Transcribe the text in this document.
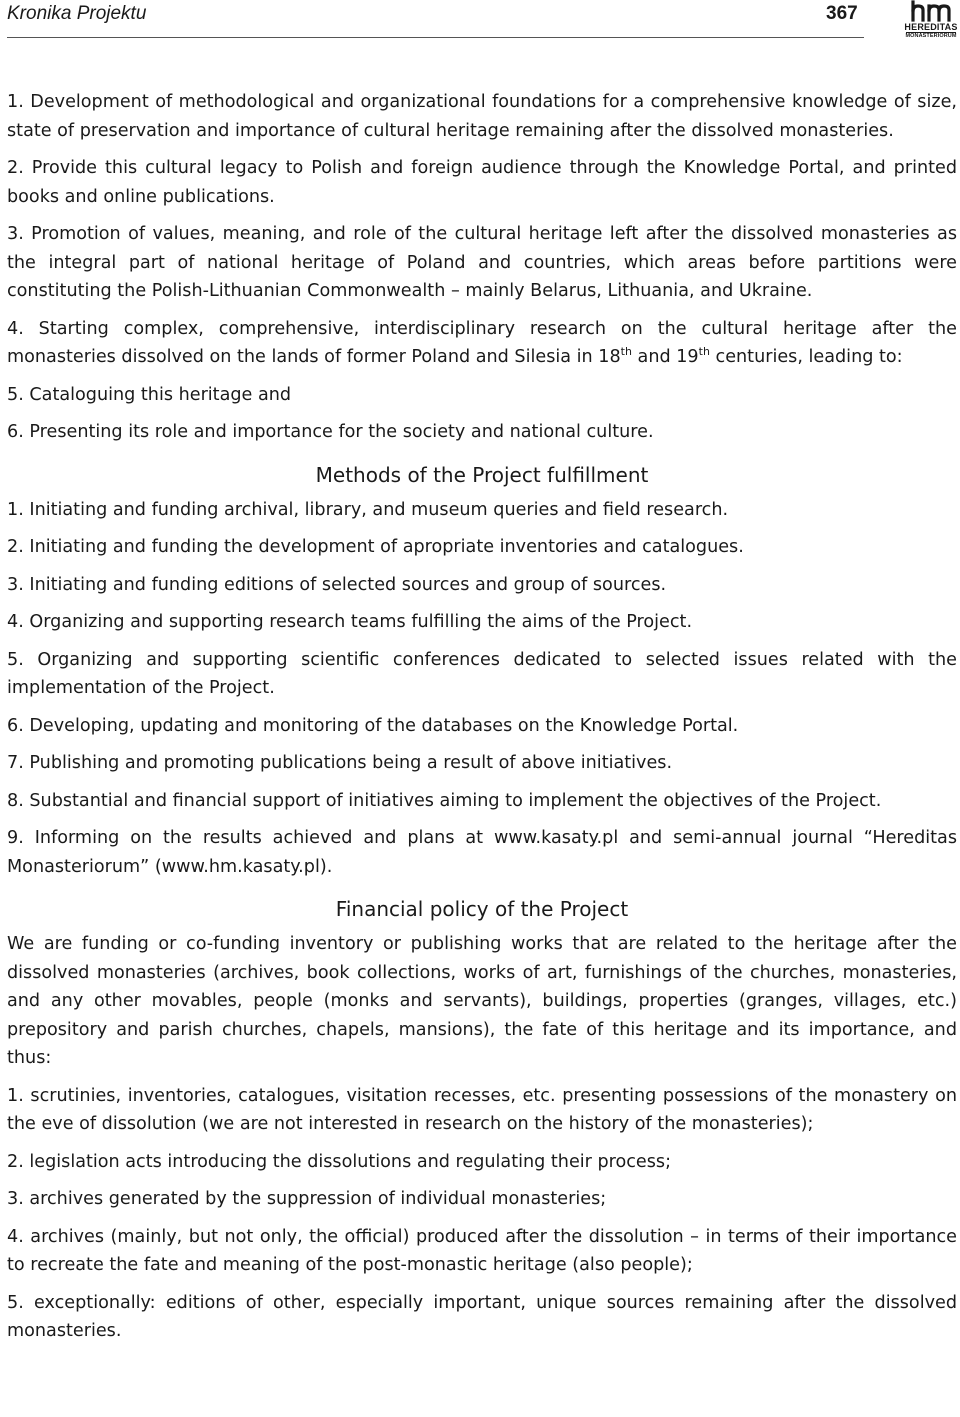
Kronika Projektu	367
HEREDITAS
MONASTERIORUM

1. Development of methodological and organizational foundations for a comprehensive knowledge of size, state of preservation and importance of cultural heritage remaining after the dissolved monasteries.

2. Provide this cultural legacy to Polish and foreign audience through the Knowledge Portal, and printed books and online publications.

3. Promotion of values, meaning, and role of the cultural heritage left after the dissolved monasteries as the integral part of national heritage of Poland and countries, which areas before partitions were constituting the Polish-Lithuanian Commonwealth – mainly Belarus, Lithuania, and Ukraine.

4. Starting complex, comprehensive, interdisciplinary research on the cultural heritage after the monasteries dissolved on the lands of former Poland and Silesia in 18th and 19th centuries, leading to:

5. Cataloguing this heritage and

6. Presenting its role and importance for the society and national culture.

Methods of the Project fulfillment

1. Initiating and funding archival, library, and museum queries and field research.

2. Initiating and funding the development of apropriate inventories and catalogues.

3. Initiating and funding editions of selected sources and group of sources.

4. Organizing and supporting research teams fulfilling the aims of the Project.

5. Organizing and supporting scientific conferences dedicated to selected issues related with the implementation of the Project.

6. Developing, updating and monitoring of the databases on the Knowledge Portal.

7. Publishing and promoting publications being a result of above initiatives.

8. Substantial and financial support of initiatives aiming to implement the objectives of the Project.

9. Informing on the results achieved and plans at www.kasaty.pl and semi-annual journal “Hereditas Monasteriorum” (www.hm.kasaty.pl).

Financial policy of the Project

We are funding or co-funding inventory or publishing works that are related to the heritage after the dissolved monasteries (archives, book collections, works of art, furnishings of the churches, monasteries, and any other movables, people (monks and servants), buildings, properties (granges, villages, etc.) prepository and parish churches, chapels, mansions), the fate of this heritage and its importance, and thus:

1. scrutinies, inventories, catalogues, visitation recesses, etc. presenting possessions of the monastery on the eve of dissolution (we are not interested in research on the history of the monasteries);

2. legislation acts introducing the dissolutions and regulating their process;

3. archives generated by the suppression of individual monasteries;

4. archives (mainly, but not only, the official) produced after the dissolution – in terms of their importance to recreate the fate and meaning of the post-monastic heritage (also people);

5. exceptionally: editions of other, especially important, unique sources remaining after the dissolved monasteries.
